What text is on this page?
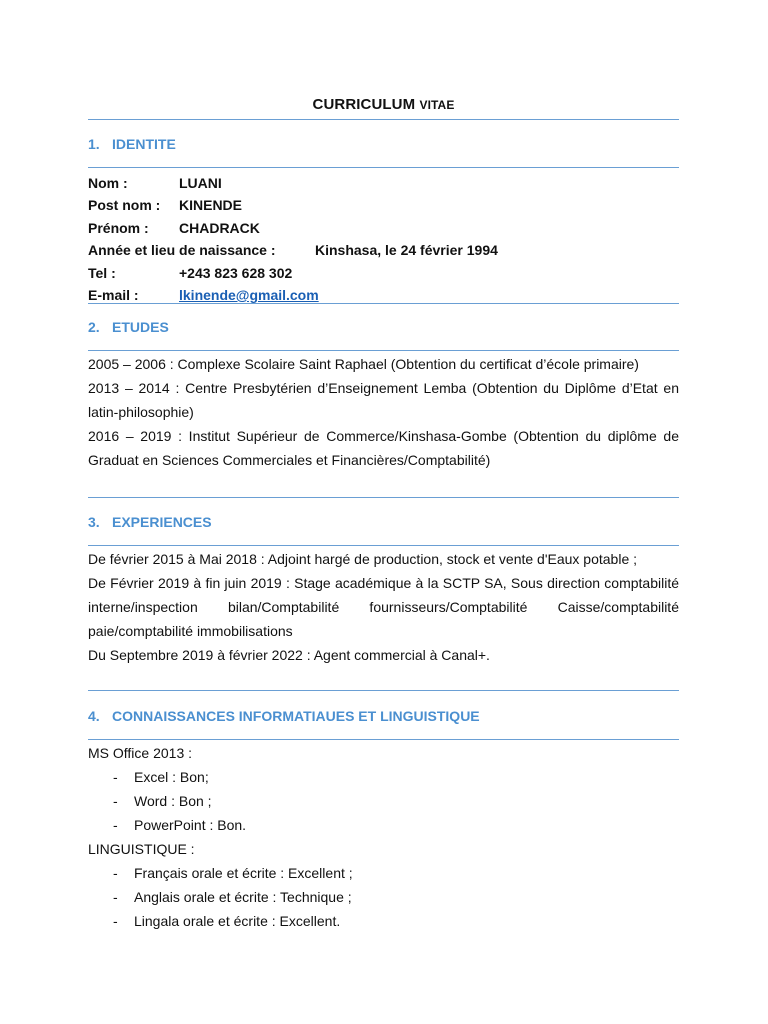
CURRICULUM VITAE
1. IDENTITE
Nom :	LUANI
Post nom : KINENDE
Prénom : CHADRACK
Année et lieu de naissance :	Kinshasa, le 24 février 1994
Tel :	+243 823 628 302
E-mail :	lkinende@gmail.com
2. ETUDES

2005 – 2006 : Complexe Scolaire Saint Raphael (Obtention du certificat d’école primaire)

2013 – 2014 : Centre Presbytérien d’Enseignement Lemba (Obtention du Diplôme d’Etat en latin-philosophie)

2016 – 2019 : Institut Supérieur de Commerce/Kinshasa-Gombe (Obtention du diplôme de Graduat en Sciences Commerciales et Financières/Comptabilité)

3. EXPERIENCES

De février 2015 à Mai 2018 : Adjoint hargé de production, stock et vente d'Eaux potable ;

De Février 2019 à fin juin 2019 : Stage académique à la SCTP SA, Sous direction comptabilité interne/inspection bilan/Comptabilité fournisseurs/Comptabilité Caisse/comptabilité paie/comptabilité immobilisations

Du Septembre 2019 à février 2022 : Agent commercial à Canal+.

4. CONNAISSANCES INFORMATIAUES ET LINGUISTIQUE

MS Office 2013 :

- Excel : Bon;
- Word : Bon ;
- PowerPoint : Bon.

LINGUISTIQUE :

- Français orale et écrite : Excellent ;
- Anglais orale et écrite : Technique ;
- Lingala orale et écrite : Excellent.
